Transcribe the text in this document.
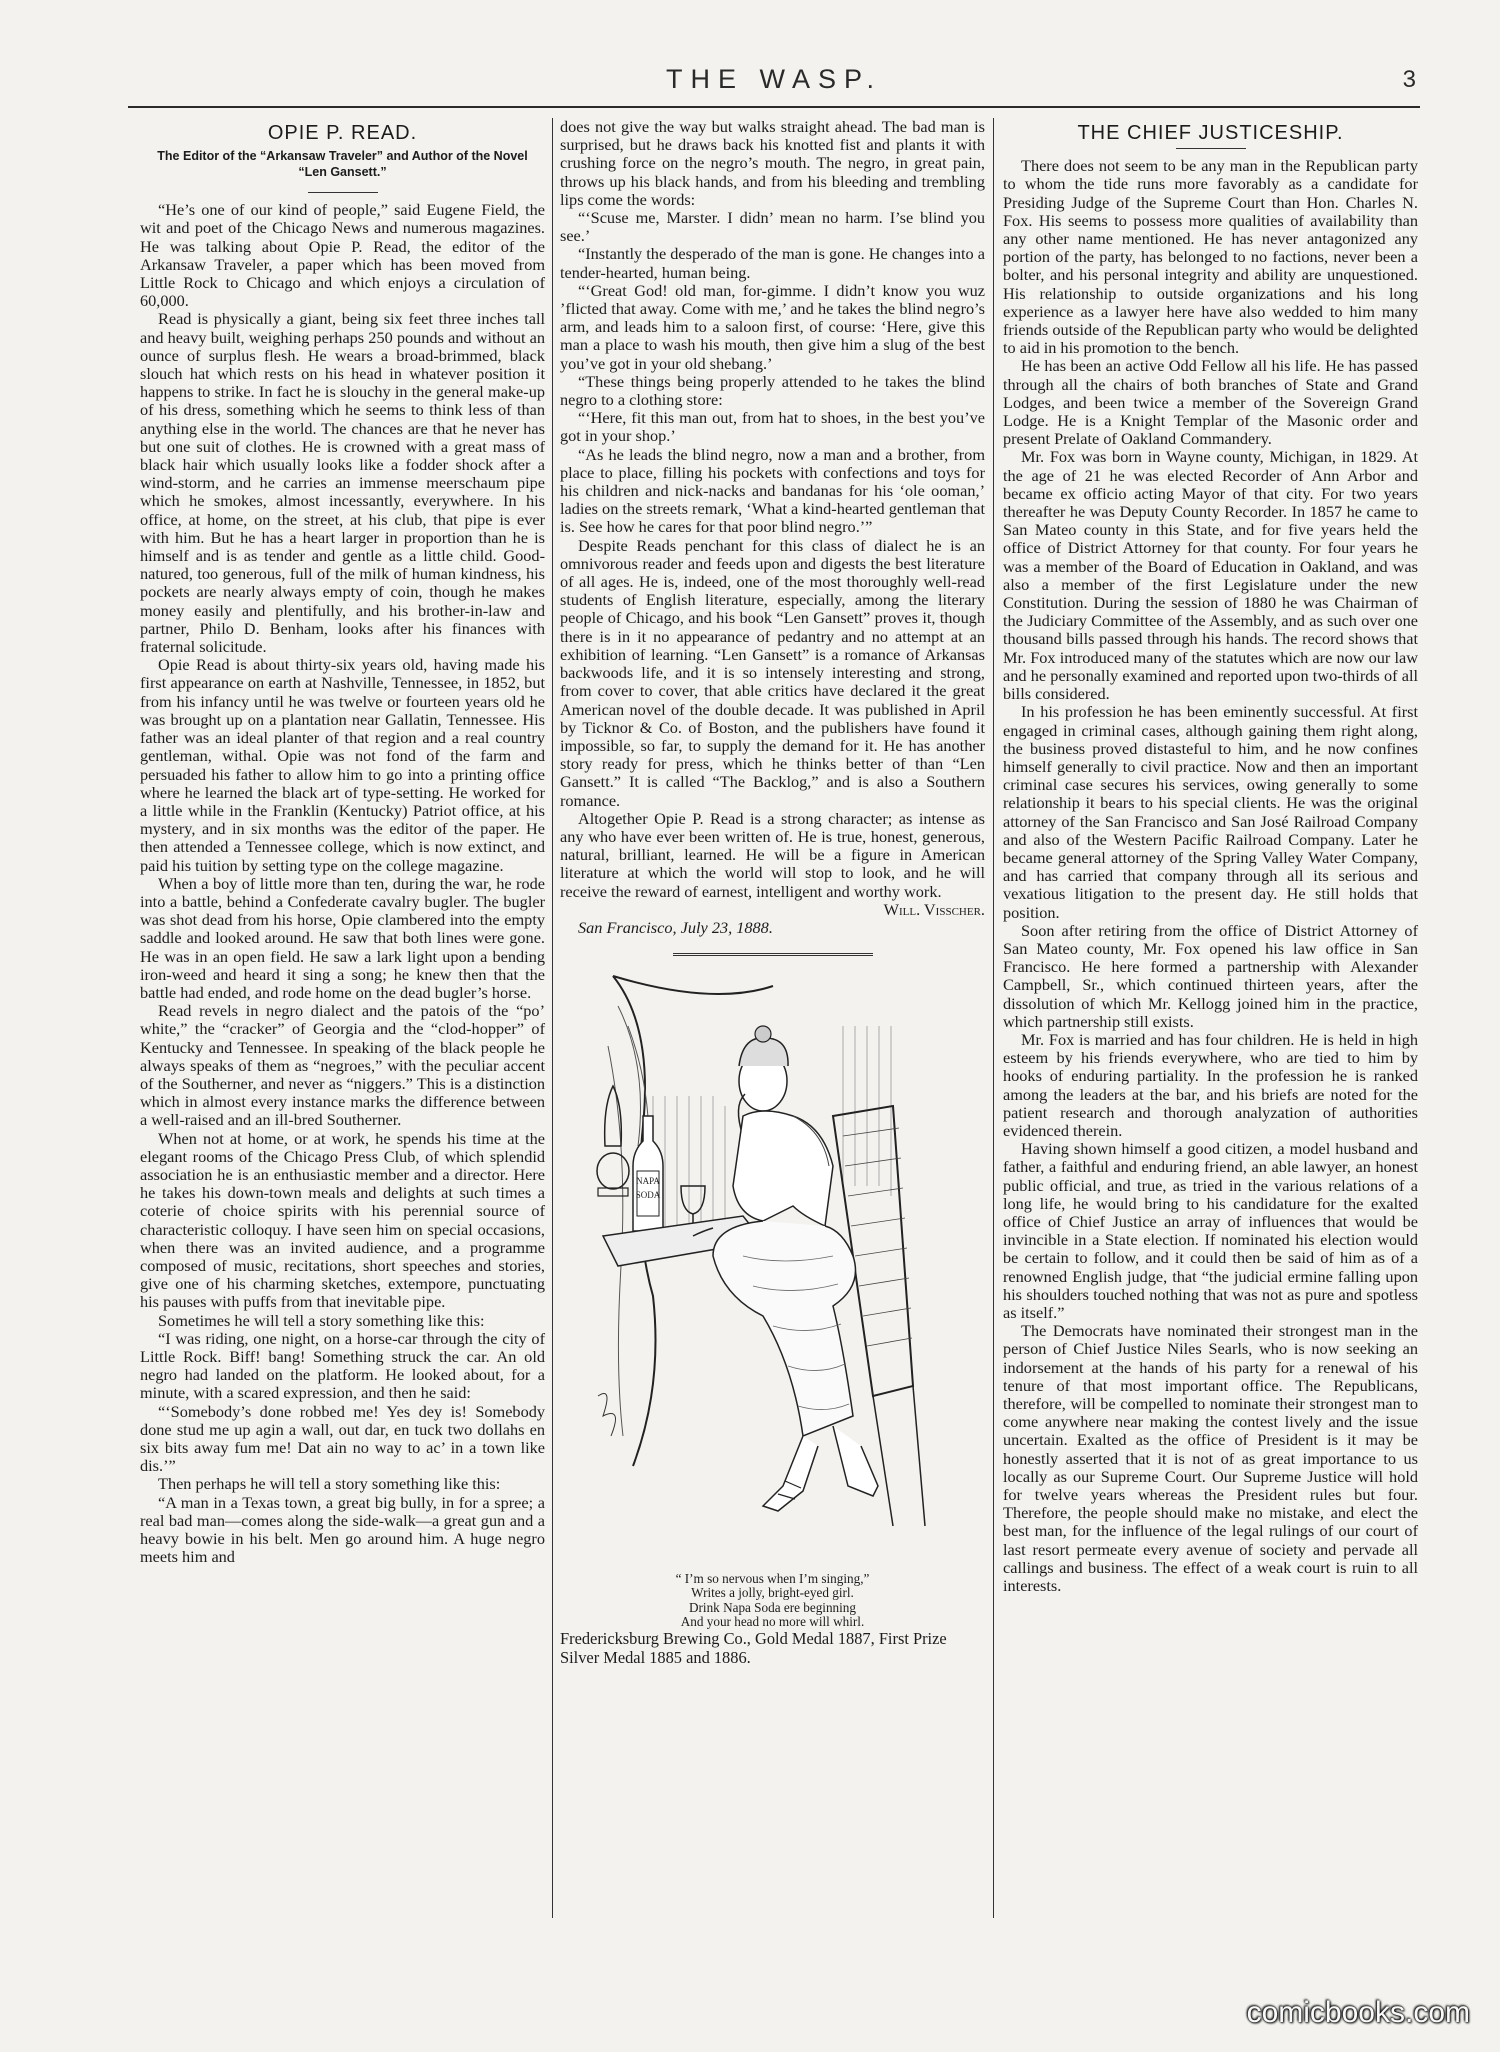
THE WASP.	3
OPIE P. READ.
The Editor of the “Arkansaw Traveler” and Author of the Novel “Len Gansett.”

“He’s one of our kind of people,” said Eugene Field, the wit and poet of the Chicago News and numerous magazines. He was talking about Opie P. Read, the editor of the Arkansaw Traveler, a paper which has been moved from Little Rock to Chicago and which enjoys a circulation of 60,000.

Read is physically a giant, being six feet three inches tall and heavy built, weighing perhaps 250 pounds and without an ounce of surplus flesh. He wears a broad-brimmed, black slouch hat which rests on his head in whatever position it happens to strike. In fact he is slouchy in the general make-up of his dress, something which he seems to think less of than anything else in the world. The chances are that he never has but one suit of clothes. He is crowned with a great mass of black hair which usually looks like a fodder shock after a wind-storm, and he carries an immense meerschaum pipe which he smokes, almost incessantly, everywhere. In his office, at home, on the street, at his club, that pipe is ever with him. But he has a heart larger in proportion than he is himself and is as tender and gentle as a little child. Good-natured, too generous, full of the milk of human kindness, his pockets are nearly always empty of coin, though he makes money easily and plentifully, and his brother-in-law and partner, Philo D. Benham, looks after his finances with fraternal solicitude.

Opie Read is about thirty-six years old, having made his first appearance on earth at Nashville, Tennessee, in 1852, but from his infancy until he was twelve or fourteen years old he was brought up on a plantation near Gallatin, Tennessee. His father was an ideal planter of that region and a real country gentleman, withal. Opie was not fond of the farm and persuaded his father to allow him to go into a printing office where he learned the black art of type-setting. He worked for a little while in the Franklin (Kentucky) Patriot office, at his mystery, and in six months was the editor of the paper. He then attended a Tennessee college, which is now extinct, and paid his tuition by setting type on the college magazine.

When a boy of little more than ten, during the war, he rode into a battle, behind a Confederate cavalry bugler. The bugler was shot dead from his horse, Opie clambered into the empty saddle and looked around. He saw that both lines were gone. He was in an open field. He saw a lark light upon a bending iron-weed and heard it sing a song; he knew then that the battle had ended, and rode home on the dead bugler’s horse.

Read revels in negro dialect and the patois of the “po’ white,” the “cracker” of Georgia and the “clod-hopper” of Kentucky and Tennessee. In speaking of the black people he always speaks of them as “negroes,” with the peculiar accent of the Southerner, and never as “niggers.” This is a distinction which in almost every instance marks the difference between a well-raised and an ill-bred Southerner.

When not at home, or at work, he spends his time at the elegant rooms of the Chicago Press Club, of which splendid association he is an enthusiastic member and a director. Here he takes his down-town meals and delights at such times a coterie of choice spirits with his perennial source of characteristic colloquy. I have seen him on special occasions, when there was an invited audience, and a programme composed of music, recitations, short speeches and stories, give one of his charming sketches, extempore, punctuating his pauses with puffs from that inevitable pipe.

Sometimes he will tell a story something like this:

“I was riding, one night, on a horse-car through the city of Little Rock. Biff! bang! Something struck the car. An old negro had landed on the platform. He looked about, for a minute, with a scared expression, and then he said:

“‘Somebody’s done robbed me! Yes dey is! Somebody done stud me up agin a wall, out dar, en tuck two dollahs en six bits away fum me! Dat ain no way to ac’ in a town like dis.’”

Then perhaps he will tell a story something like this:

“A man in a Texas town, a great big bully, in for a spree; a real bad man—comes along the side-walk—a great gun and a heavy bowie in his belt. Men go around him. A huge negro meets him and

does not give the way but walks straight ahead. The bad man is surprised, but he draws back his knotted fist and plants it with crushing force on the negro’s mouth. The negro, in great pain, throws up his black hands, and from his bleeding and trembling lips come the words:

“‘Scuse me, Marster. I didn’ mean no harm. I’se blind you see.’

“Instantly the desperado of the man is gone. He changes into a tender-hearted, human being.

“‘Great God! old man, for-gimme. I didn’t know you wuz ’flicted that away. Come with me,’ and he takes the blind negro’s arm, and leads him to a saloon first, of course: ‘Here, give this man a place to wash his mouth, then give him a slug of the best you’ve got in your old shebang.’

“These things being properly attended to he takes the blind negro to a clothing store:

“‘Here, fit this man out, from hat to shoes, in the best you’ve got in your shop.’

“As he leads the blind negro, now a man and a brother, from place to place, filling his pockets with confections and toys for his children and nick-nacks and bandanas for his ‘ole ooman,’ ladies on the streets remark, ‘What a kind-hearted gentleman that is. See how he cares for that poor blind negro.’”

Despite Reads penchant for this class of dialect he is an omnivorous reader and feeds upon and digests the best literature of all ages. He is, indeed, one of the most thoroughly well-read students of English literature, especially, among the literary people of Chicago, and his book “Len Gansett” proves it, though there is in it no appearance of pedantry and no attempt at an exhibition of learning. “Len Gansett” is a romance of Arkansas backwoods life, and it is so intensely interesting and strong, from cover to cover, that able critics have declared it the great American novel of the double decade. It was published in April by Ticknor & Co. of Boston, and the publishers have found it impossible, so far, to supply the demand for it. He has another story ready for press, which he thinks better of than “Len Gansett.” It is called “The Backlog,” and is also a Southern romance.

Altogether Opie P. Read is a strong character; as intense as any who have ever been written of. He is true, honest, generous, natural, brilliant, learned. He will be a figure in American literature at which the world will stop to look, and he will receive the reward of earnest, intelligent and worthy work.

Will. Visscher.

San Francisco, July 23, 1888.

NAPA
SODA
“ I’m so nervous when I’m singing,”
Writes a jolly, bright-eyed girl.
Drink Napa Soda ere beginning
And your head no more will whirl.

Fredericksburg Brewing Co., Gold Medal 1887, First Prize Silver Medal 1885 and 1886.

THE CHIEF JUSTICESHIP.

There does not seem to be any man in the Republican party to whom the tide runs more favorably as a candidate for Presiding Judge of the Supreme Court than Hon. Charles N. Fox. His seems to possess more qualities of availability than any other name mentioned. He has never antagonized any portion of the party, has belonged to no factions, never been a bolter, and his personal integrity and ability are unquestioned. His relationship to outside organizations and his long experience as a lawyer here have also wedded to him many friends outside of the Republican party who would be delighted to aid in his promotion to the bench.

He has been an active Odd Fellow all his life. He has passed through all the chairs of both branches of State and Grand Lodges, and been twice a member of the Sovereign Grand Lodge. He is a Knight Templar of the Masonic order and present Prelate of Oakland Commandery.

Mr. Fox was born in Wayne county, Michigan, in 1829. At the age of 21 he was elected Recorder of Ann Arbor and became ex officio acting Mayor of that city. For two years thereafter he was Deputy County Recorder. In 1857 he came to San Mateo county in this State, and for five years held the office of District Attorney for that county. For four years he was a member of the Board of Education in Oakland, and was also a member of the first Legislature under the new Constitution. During the session of 1880 he was Chairman of the Judiciary Committee of the Assembly, and as such over one thousand bills passed through his hands. The record shows that Mr. Fox introduced many of the statutes which are now our law and he personally examined and reported upon two-thirds of all bills considered.

In his profession he has been eminently successful. At first engaged in criminal cases, although gaining them right along, the business proved distasteful to him, and he now confines himself generally to civil practice. Now and then an important criminal case secures his services, owing generally to some relationship it bears to his special clients. He was the original attorney of the San Francisco and San José Railroad Company and also of the Western Pacific Railroad Company. Later he became general attorney of the Spring Valley Water Company, and has carried that company through all its serious and vexatious litigation to the present day. He still holds that position.

Soon after retiring from the office of District Attorney of San Mateo county, Mr. Fox opened his law office in San Francisco. He here formed a partnership with Alexander Campbell, Sr., which continued thirteen years, after the dissolution of which Mr. Kellogg joined him in the practice, which partnership still exists.

Mr. Fox is married and has four children. He is held in high esteem by his friends everywhere, who are tied to him by hooks of enduring partiality. In the profession he is ranked among the leaders at the bar, and his briefs are noted for the patient research and thorough analyzation of authorities evidenced therein.

Having shown himself a good citizen, a model husband and father, a faithful and enduring friend, an able lawyer, an honest public official, and true, as tried in the various relations of a long life, he would bring to his candidature for the exalted office of Chief Justice an array of influences that would be invincible in a State election. If nominated his election would be certain to follow, and it could then be said of him as of a renowned English judge, that “the judicial ermine falling upon his shoulders touched nothing that was not as pure and spotless as itself.”

The Democrats have nominated their strongest man in the person of Chief Justice Niles Searls, who is now seeking an indorsement at the hands of his party for a renewal of his tenure of that most important office. The Republicans, therefore, will be compelled to nominate their strongest man to come anywhere near making the contest lively and the issue uncertain. Exalted as the office of President is it may be honestly asserted that it is not of as great importance to us locally as our Supreme Court. Our Supreme Justice will hold for twelve years whereas the President rules but four. Therefore, the people should make no mistake, and elect the best man, for the influence of the legal rulings of our court of last resort permeate every avenue of society and pervade all callings and business. The effect of a weak court is ruin to all interests.

comicbooks.com
